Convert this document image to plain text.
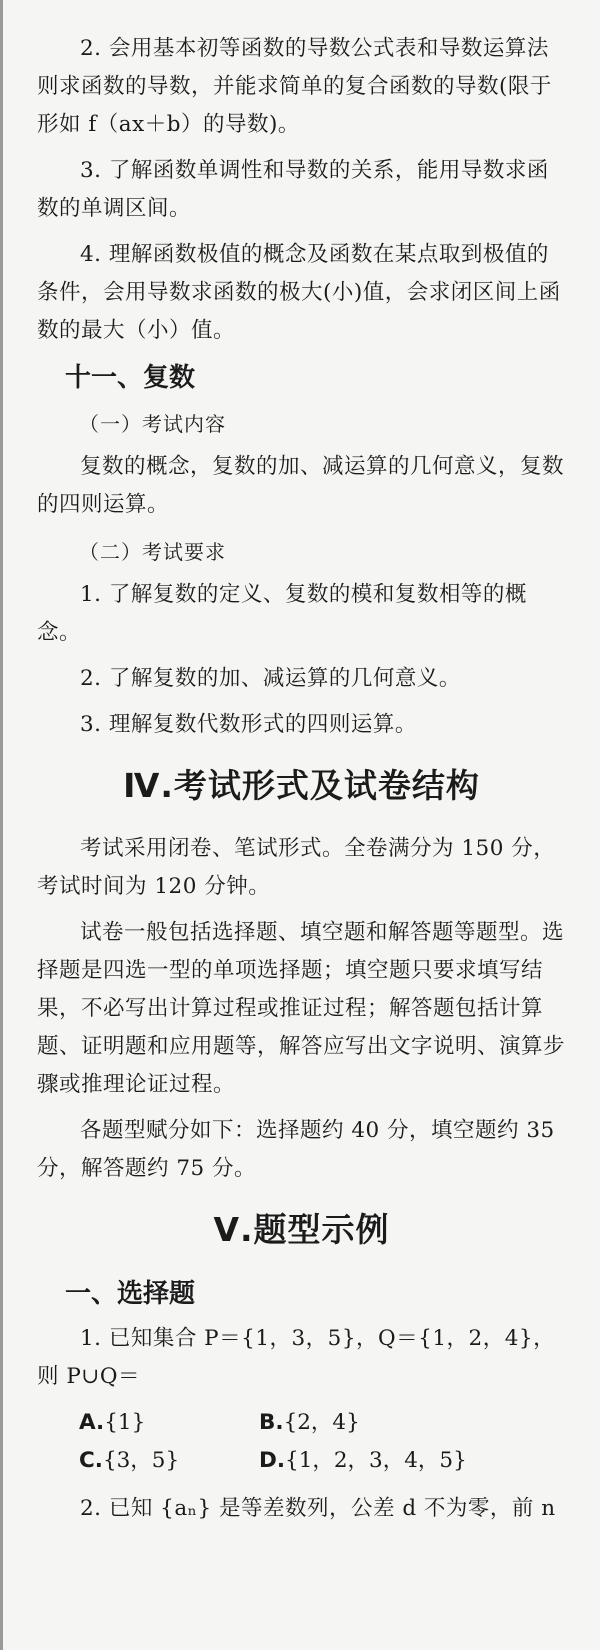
2. 会用基本初等函数的导数公式表和导数运算法则求函数的导数，并能求简单的复合函数的导数(限于形如 f（ax＋b）的导数)。

3. 了解函数单调性和导数的关系，能用导数求函数的单调区间。

4. 理解函数极值的概念及函数在某点取到极值的条件，会用导数求函数的极大(小)值，会求闭区间上函数的最大（小）值。

十一、复数

（一）考试内容

复数的概念，复数的加、减运算的几何意义，复数的四则运算。

（二）考试要求

1. 了解复数的定义、复数的模和复数相等的概念。

2. 了解复数的加、减运算的几何意义。

3. 理解复数代数形式的四则运算。

Ⅳ.考试形式及试卷结构

考试采用闭卷、笔试形式。全卷满分为 150 分，考试时间为 120 分钟。

试卷一般包括选择题、填空题和解答题等题型。选择题是四选一型的单项选择题；填空题只要求填写结果，不必写出计算过程或推证过程；解答题包括计算题、证明题和应用题等，解答应写出文字说明、演算步骤或推理论证过程。

各题型赋分如下：选择题约 40 分，填空题约 35 分，解答题约 75 分。

Ⅴ.题型示例

一、选择题

1. 已知集合 P＝{1，3，5}，Q＝{1，2，4}，则 P∪Q＝

A.{1}	B.{2，4}
C.{3，5}	D.{1，2，3，4，5}

2. 已知 {aₙ} 是等差数列，公差 d 不为零，前 n
